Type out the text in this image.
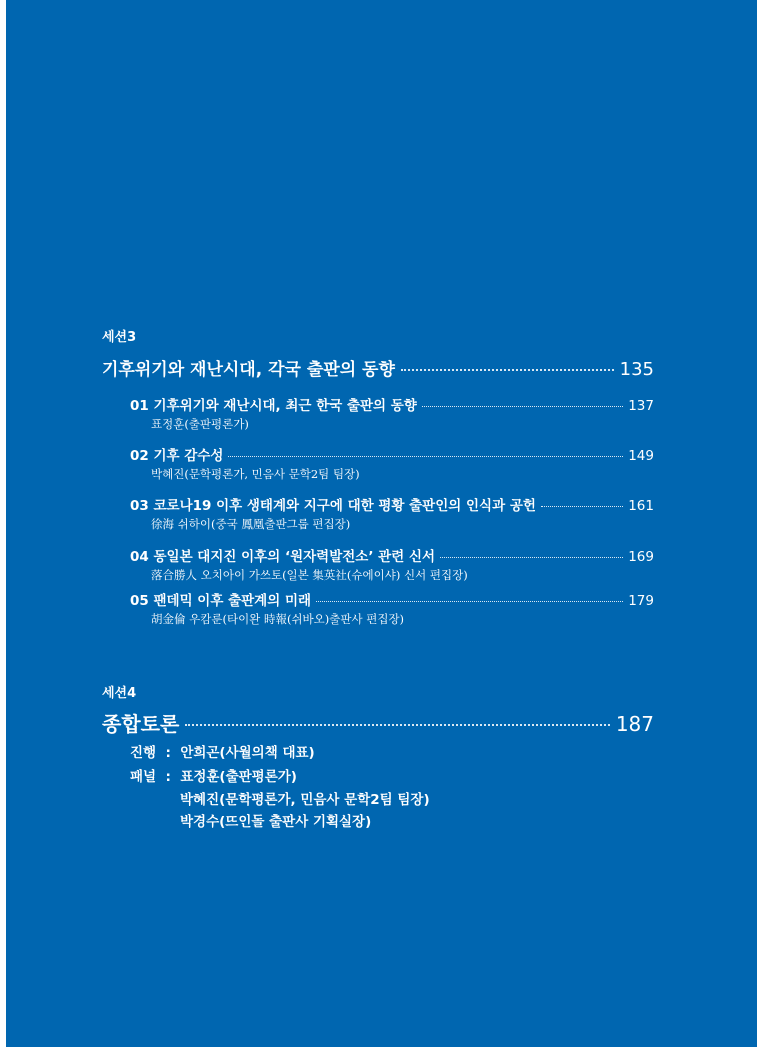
세션3
기후위기와 재난시대, 각국 출판의 동향	135
01 기후위기와 재난시대, 최근 한국 출판의 동향	137
표정훈(출판평론가)
02 기후 감수성	149
박혜진(문학평론가, 민음사 문학2팀 팀장)
03 코로나19 이후 생태계와 지구에 대한 평황 출판인의 인식과 공헌	161
徐海 쉬하이(중국 鳳凰출판그룹 편집장)
04 동일본 대지진 이후의 ‘원자력발전소’ 관련 신서	169
落合勝人 오치아이 가쓰토(일본 集英社(슈에이샤) 신서 편집장)
05 팬데믹 이후 출판계의 미래	179
胡金倫 우캄룬(타이완 時報(쉬바오)출판사 편집장)
세션4
종합토론	187
진행  :  안희곤(사월의책 대표)
패널  :  표정훈(출판평론가)
박혜진(문학평론가, 민음사 문학2팀 팀장)
박경수(뜨인돌 출판사 기획실장)
